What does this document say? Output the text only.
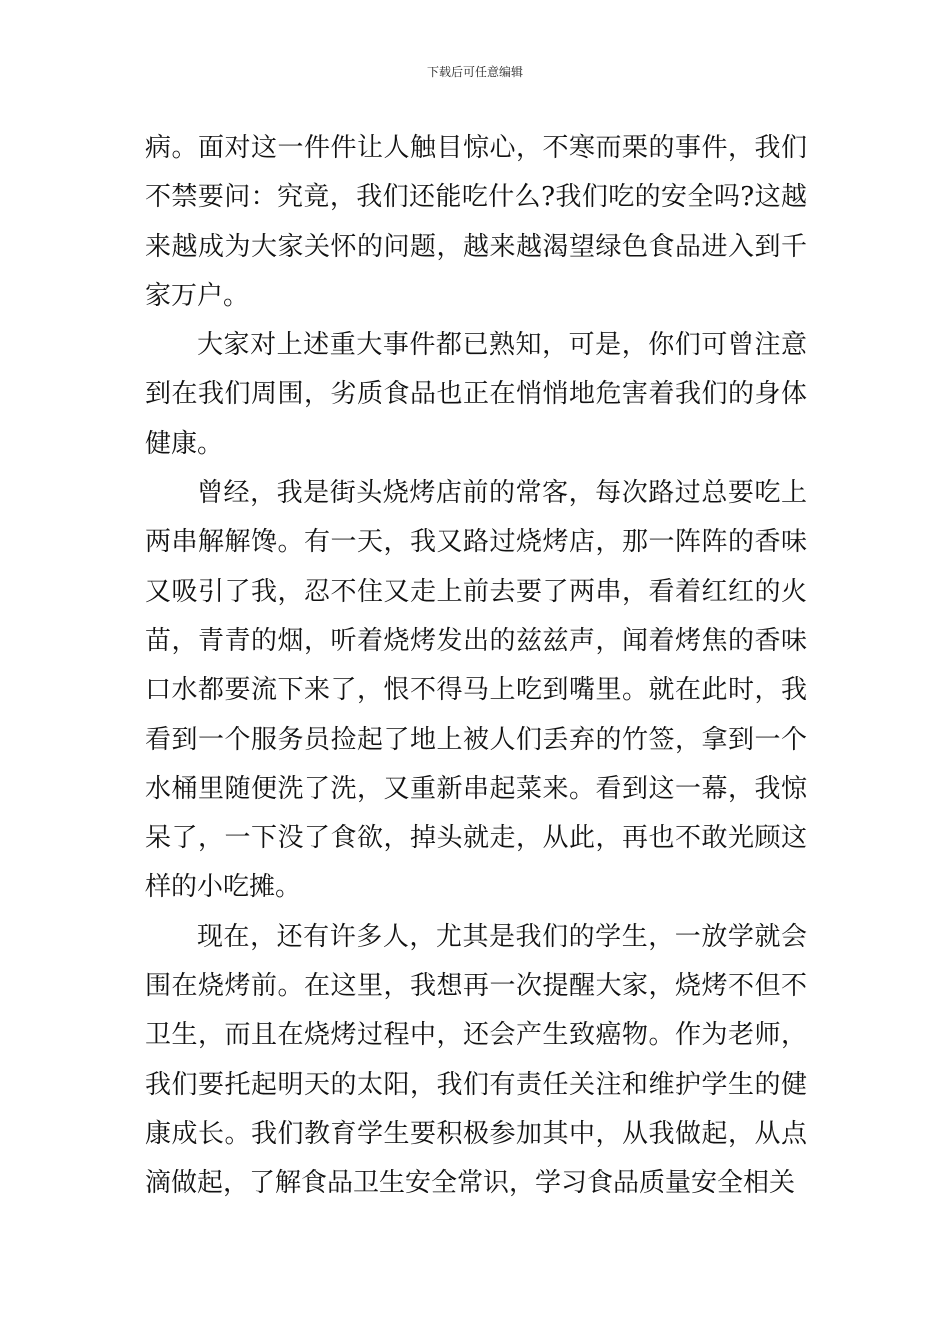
下载后可任意编辑

病。面对这一件件让人触目惊心，不寒而栗的事件，我们不禁要问：究竟，我们还能吃什么?我们吃的安全吗?这越来越成为大家关怀的问题，越来越渴望绿色食品进入到千家万户。

大家对上述重大事件都已熟知，可是，你们可曾注意到在我们周围，劣质食品也正在悄悄地危害着我们的身体健康。

曾经，我是街头烧烤店前的常客，每次路过总要吃上两串解解馋。有一天，我又路过烧烤店，那一阵阵的香味又吸引了我，忍不住又走上前去要了两串，看着红红的火苗，青青的烟，听着烧烤发出的兹兹声，闻着烤焦的香味口水都要流下来了，恨不得马上吃到嘴里。就在此时，我看到一个服务员捡起了地上被人们丢弃的竹签，拿到一个水桶里随便洗了洗，又重新串起菜来。看到这一幕，我惊呆了，一下没了食欲，掉头就走，从此，再也不敢光顾这样的小吃摊。

现在，还有许多人，尤其是我们的学生，一放学就会围在烧烤前。在这里，我想再一次提醒大家，烧烤不但不卫生，而且在烧烤过程中，还会产生致癌物。作为老师，我们要托起明天的太阳，我们有责任关注和维护学生的健康成长。我们教育学生要积极参加其中，从我做起，从点滴做起，了解食品卫生安全常识，学习食品质量安全相关
